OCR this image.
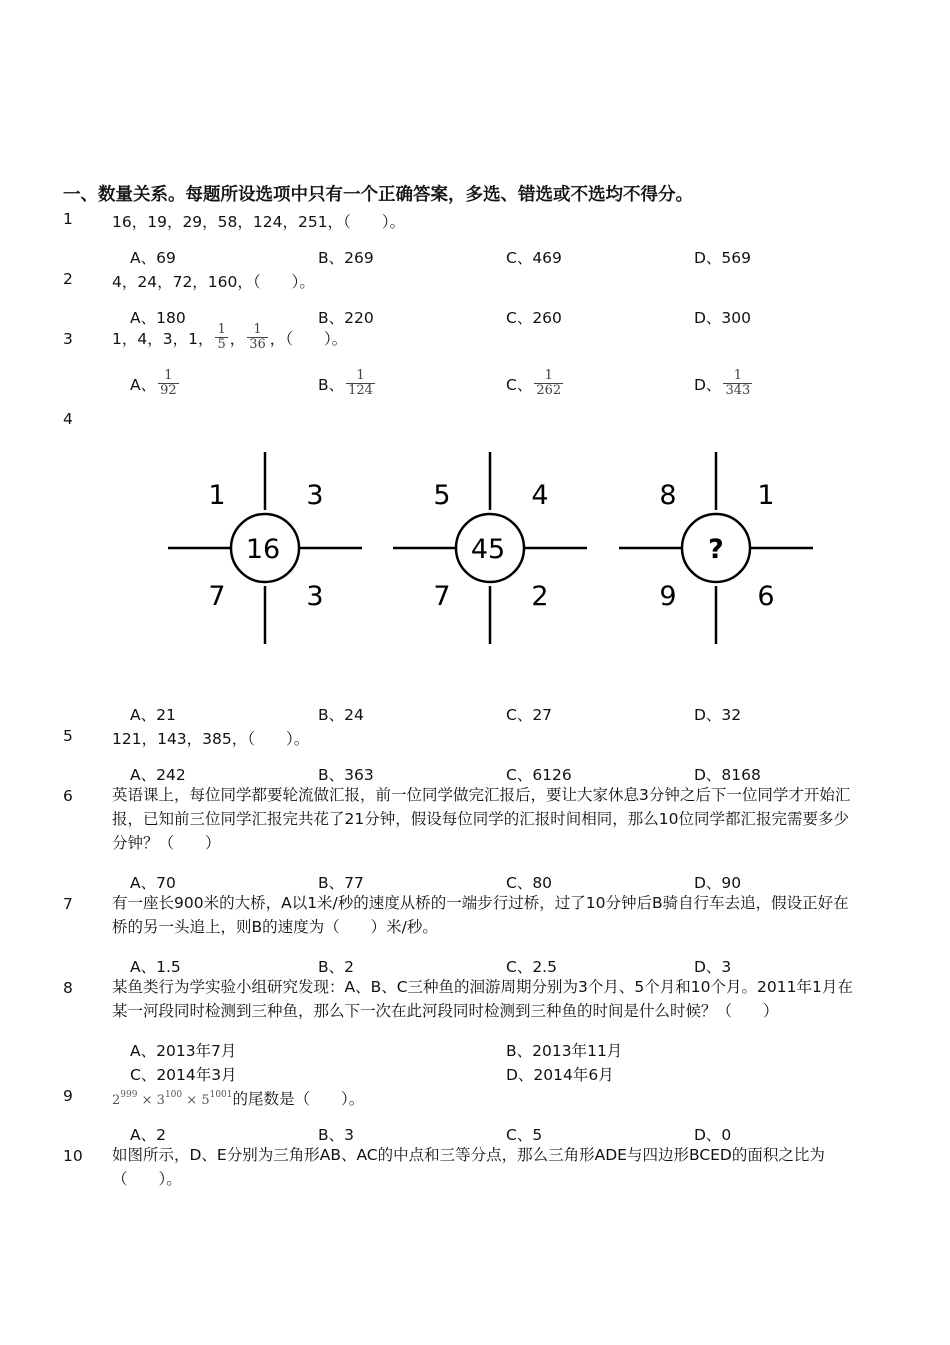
一、数量关系。每题所设选项中只有一个正确答案，多选、错选或不选均不得分。
1	16，19，29，58，124，251，（　　）。
A、69	B、269	C、469	D、569
2	4，24，72，160，（　　）。
A、180	B、220	C、260	D、300
3	1，4，3，1， $\frac{1}{5}$ ， $\frac{1}{36}$ ，（　　）。
A、 $\frac{1}{92}$	B、 $\frac{1}{124}$	C、 $\frac{1}{262}$	D、 $\frac{1}{343}$
4
1	3
7	3
16
5	4
7	2
45
8	1
9	6
?
A、21	B、24	C、27	D、32
5	121，143，385，（　　）。
A、242	B、363	C、6126	D、8168
6	英语课上，每位同学都要轮流做汇报，前一位同学做完汇报后，要让大家休息3分钟之后下一位同学才开始汇报，已知前三位同学汇报完共花了21分钟，假设每位同学的汇报时间相同，那么10位同学都汇报完需要多少分钟？（　　）
A、70	B、77	C、80	D、90
7	有一座长900米的大桥，A以1米/秒的速度从桥的一端步行过桥，过了10分钟后B骑自行车去追，假设正好在桥的另一头追上，则B的速度为（　　）米/秒。
A、1.5	B、2	C、2.5	D、3
8	某鱼类行为学实验小组研究发现：A、B、C三种鱼的洄游周期分别为3个月、5个月和10个月。2011年1月在某一河段同时检测到三种鱼，那么下一次在此河段同时检测到三种鱼的时间是什么时候？（　　）
A、2013年7月	B、2013年11月
C、2014年3月	D、2014年6月
9	$2^{999} \times 3^{100} \times 5^{1001}$的尾数是（　　）。
A、2	B、3	C、5	D、0
10 如图所示，D、E分别为三角形AB、AC的中点和三等分点，那么三角形ADE与四边形BCED的面积之比为（　　）。
